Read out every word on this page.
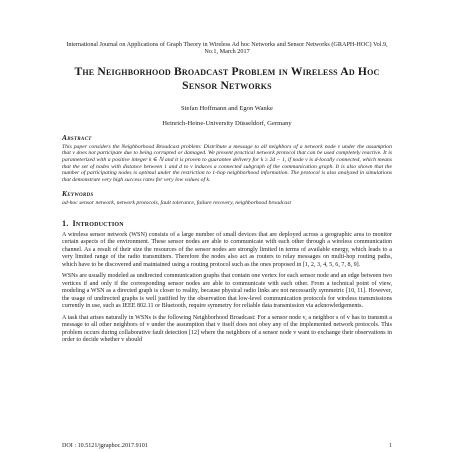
International Journal on Applications of Graph Theory in Wireless Ad hoc Networks and Sensor Networks (GRAPH-HOC) Vol.9, No.1, March 2017
The Neighborhood Broadcast Problem in Wireless Ad Hoc Sensor Networks
Stefan Hoffmann and Egon Wanke
Heinrich-Heine-University Düsseldorf, Germany
Abstract
This paper considers the Neighborhood Broadcast problem: Distribute a message to all neighbors of a network node v under the assumption that v does not participate due to being corrupted or damaged. We present practical network protocol that can be used completely reactive. It is parameterized with a positive integer k ∈ ℕ and it is proven to guarantee delivery for k ≥ 2d − 1, if node v is d-locally connected, which means that the set of nodes with distance between 1 and d to v induces a connected subgraph of the communication graph. It is also shown that the number of participating nodes is optimal under the restriction to 1-hop neighborhood information. The protocol is also analyzed in simulations that demonstrate very high success rates for very low values of k.
Keywords
ad-hoc sensor network, network protocols, fault tolerance, failure recovery, neighborhood broadcast
1. Introduction
A wireless sensor network (WSN) consists of a large number of small devices that are deployed across a geographic area to monitor certain aspects of the environment. These sensor nodes are able to communicate with each other through a wireless communication channel. As a result of their size the resources of the sensor nodes are strongly limited in terms of available energy, which leads to a very limited range of the radio transmitters. Therefore the nodes also act as routers to relay messages on multi-hop routing paths, which have to be discovered and maintained using a routing protocol such as the ones proposed in [1, 2, 3, 4, 5, 6, 7, 8, 9].
WSNs are usually modeled as undirected communication graphs that contain one vertex for each sensor node and an edge between two vertices if and only if the corresponding sensor nodes are able to communicate with each other. From a technical point of view, modeling a WSN as a directed graph is closer to reality, because physical radio links are not necessarily symmetric [10, 11]. However, the usage of undirected graphs is well justified by the observation that low-level communication protocols for wireless transmissions currently in use, such as IEEE 802.11 or Bluetooth, require symmetry for reliable data transmission via acknowledgements.
A task that arises naturally in WSNs is the following Neighborhood Broadcast: For a sensor node v, a neighbor s of v has to transmit a message to all other neighbors of v under the assumption that v itself does not obey any of the implemented network protocols. This problem occurs during collaborative fault detection [12] where the neighbors of a sensor node v want to exchange their observations in order to decide whether v should
DOI : 10.5121/jgraphoc.2017.9101	1
